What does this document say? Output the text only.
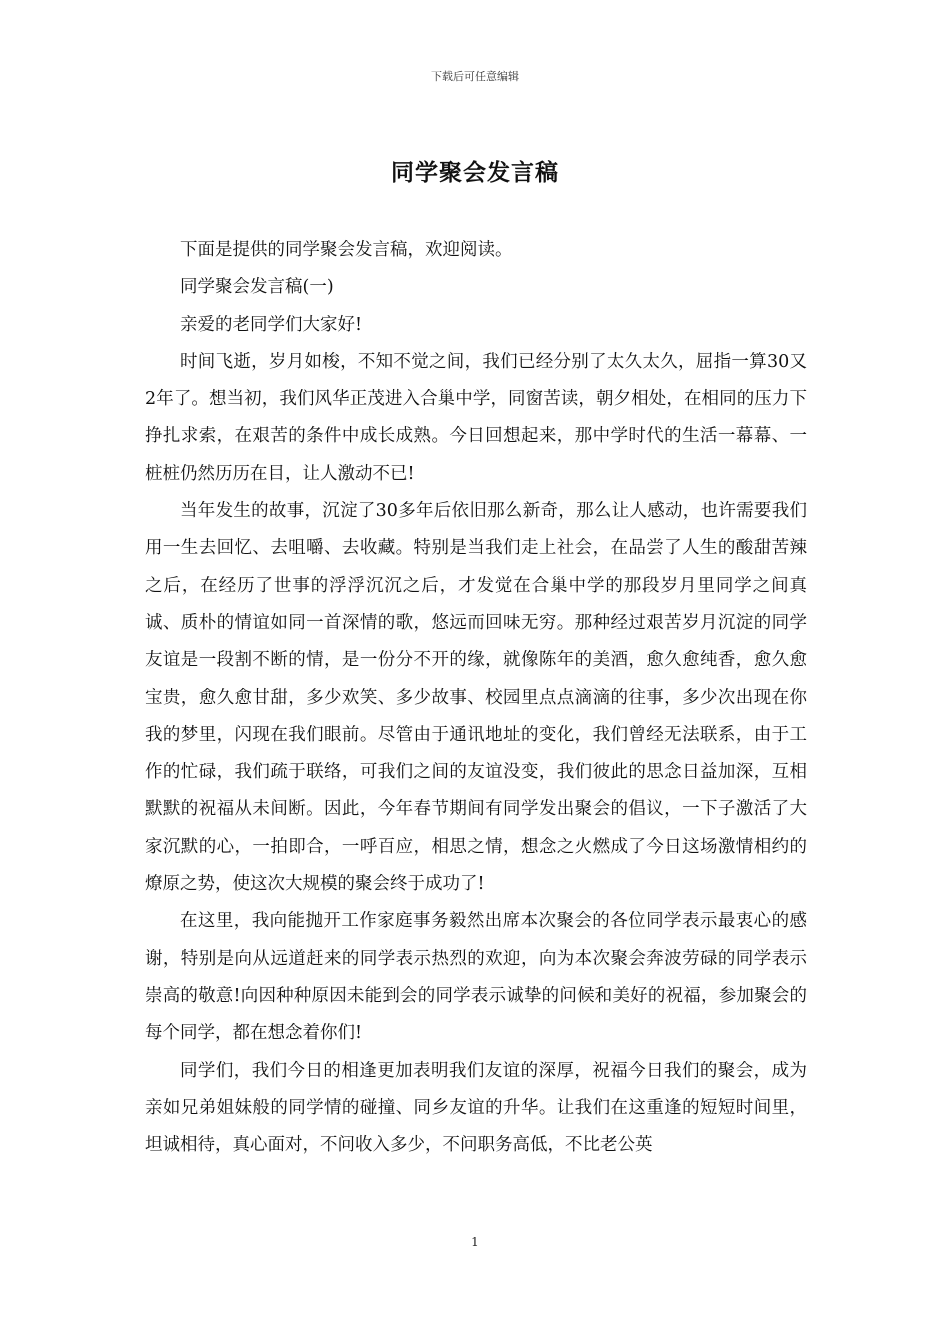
下载后可任意编辑
同学聚会发言稿

下面是提供的同学聚会发言稿，欢迎阅读。

同学聚会发言稿(一)

亲爱的老同学们大家好!

时间飞逝，岁月如梭，不知不觉之间，我们已经分别了太久太久，屈指一算30又2年了。想当初，我们风华正茂进入合巢中学，同窗苦读，朝夕相处，在相同的压力下挣扎求索，在艰苦的条件中成长成熟。今日回想起来，那中学时代的生活一幕幕、一桩桩仍然历历在目，让人激动不已!

当年发生的故事，沉淀了30多年后依旧那么新奇，那么让人感动，也许需要我们用一生去回忆、去咀嚼、去收藏。特别是当我们走上社会，在品尝了人生的酸甜苦辣之后，在经历了世事的浮浮沉沉之后，才发觉在合巢中学的那段岁月里同学之间真诚、质朴的情谊如同一首深情的歌，悠远而回味无穷。那种经过艰苦岁月沉淀的同学友谊是一段割不断的情，是一份分不开的缘，就像陈年的美酒，愈久愈纯香，愈久愈宝贵，愈久愈甘甜，多少欢笑、多少故事、校园里点点滴滴的往事，多少次出现在你我的梦里，闪现在我们眼前。尽管由于通讯地址的变化，我们曾经无法联系，由于工作的忙碌，我们疏于联络，可我们之间的友谊没变，我们彼此的思念日益加深，互相默默的祝福从未间断。因此，今年春节期间有同学发出聚会的倡议，一下子激活了大家沉默的心，一拍即合，一呼百应，相思之情，想念之火燃成了今日这场激情相约的燎原之势，使这次大规模的聚会终于成功了!

在这里，我向能抛开工作家庭事务毅然出席本次聚会的各位同学表示最衷心的感谢，特别是向从远道赶来的同学表示热烈的欢迎，向为本次聚会奔波劳碌的同学表示崇高的敬意!向因种种原因未能到会的同学表示诚挚的问候和美好的祝福，参加聚会的每个同学，都在想念着你们!

同学们，我们今日的相逢更加表明我们友谊的深厚，祝福今日我们的聚会，成为亲如兄弟姐妹般的同学情的碰撞、同乡友谊的升华。让我们在这重逢的短短时间里，坦诚相待，真心面对，不问收入多少，不问职务高低，不比老公英

1
